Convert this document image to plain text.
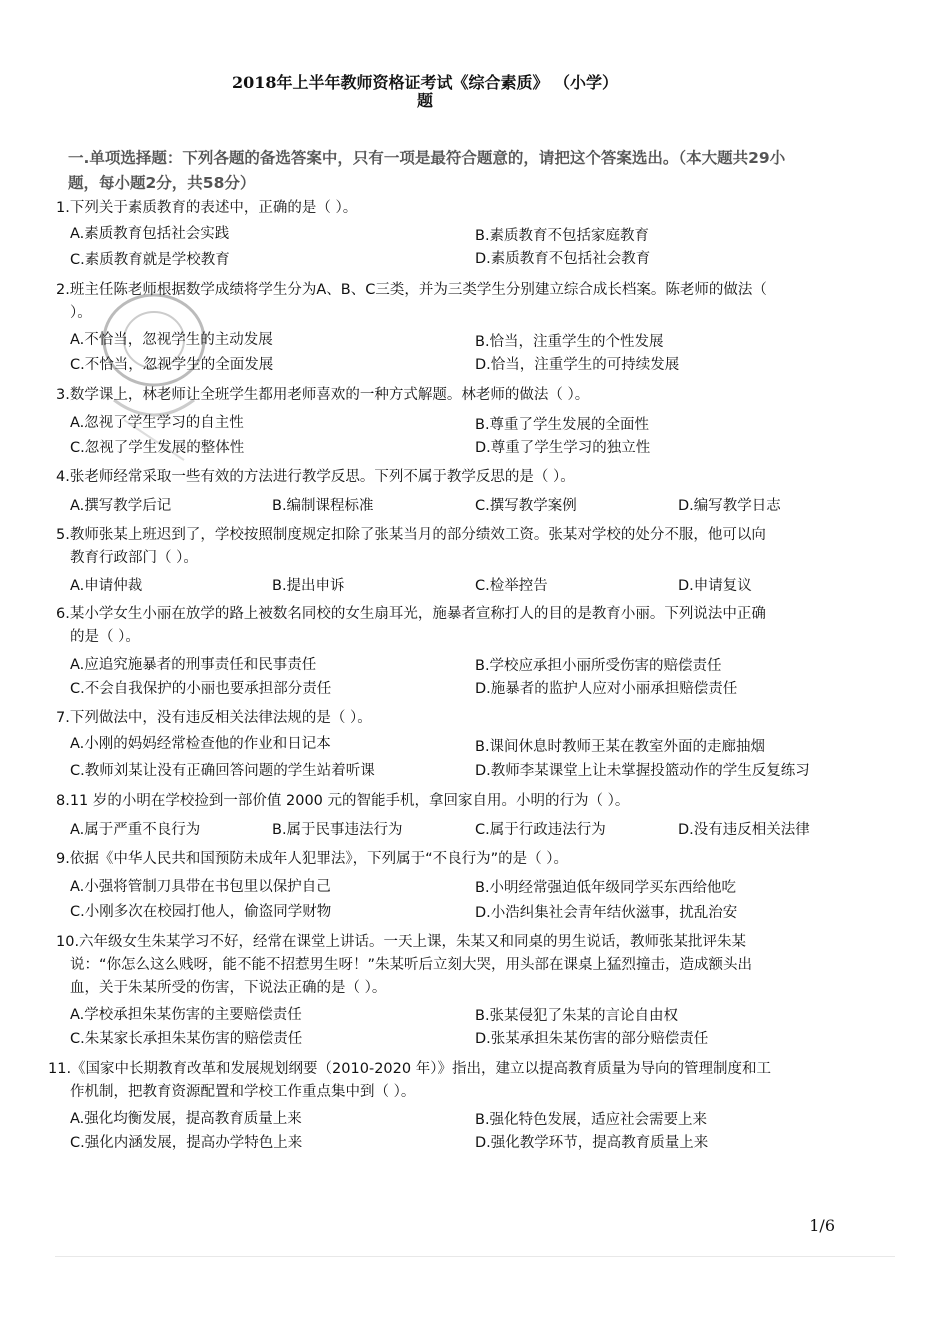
2018年上半年教师资格证考试《综合素质》 （小学）
题
一.单项选择题：下列各题的备选答案中，只有一项是最符合题意的，请把这个答案选出。（本大题共29小
题，每小题2分，共58分）
1.下列关于素质教育的表述中，正确的是（ ）。
A.素质教育包括社会实践	B.素质教育不包括家庭教育
C.素质教育就是学校教育	D.素质教育不包括社会教育
2.班主任陈老师根据数学成绩将学生分为A、B、C三类，并为三类学生分别建立综合成长档案。陈老师的做法（
）。
A.不恰当，忽视学生的主动发展	B.恰当，注重学生的个性发展
C.不恰当，忽视学生的全面发展	D.恰当，注重学生的可持续发展
3.数学课上，林老师让全班学生都用老师喜欢的一种方式解题。林老师的做法（ ）。
A.忽视了学生学习的自主性	B.尊重了学生发展的全面性
C.忽视了学生发展的整体性	D.尊重了学生学习的独立性
4.张老师经常采取一些有效的方法进行教学反思。下列不属于教学反思的是（ ）。
A.撰写教学后记	B.编制课程标准	C.撰写教学案例	D.编写教学日志
5.教师张某上班迟到了，学校按照制度规定扣除了张某当月的部分绩效工资。张某对学校的处分不服，他可以向
教育行政部门（ ）。
A.申请仲裁	B.提出申诉	C.检举控告	D.申请复议
6.某小学女生小丽在放学的路上被数名同校的女生扇耳光，施暴者宣称打人的目的是教育小丽。下列说法中正确
的是（ ）。
A.应追究施暴者的刑事责任和民事责任	B.学校应承担小丽所受伤害的赔偿责任
C.不会自我保护的小丽也要承担部分责任	D.施暴者的监护人应对小丽承担赔偿责任
7.下列做法中，没有违反相关法律法规的是（ ）。
A.小刚的妈妈经常检查他的作业和日记本	B.课间休息时教师王某在教室外面的走廊抽烟
C.教师刘某让没有正确回答问题的学生站着听课	D.教师李某课堂上让未掌握投篮动作的学生反复练习
8.11 岁的小明在学校捡到一部价值 2000 元的智能手机，拿回家自用。小明的行为（ ）。
A.属于严重不良行为	B.属于民事违法行为	C.属于行政违法行为	D.没有违反相关法律
9.依据《中华人民共和国预防未成年人犯罪法》，下列属于“不良行为”的是（ ）。
A.小强将管制刀具带在书包里以保护自己	B.小明经常强迫低年级同学买东西给他吃
C.小刚多次在校园打他人，偷盗同学财物	D.小浩纠集社会青年结伙滋事，扰乱治安
10.六年级女生朱某学习不好，经常在课堂上讲话。一天上课，朱某又和同桌的男生说话，教师张某批评朱某
说：“你怎么这么贱呀，能不能不招惹男生呀！”朱某听后立刻大哭，用头部在课桌上猛烈撞击，造成额头出
血，关于朱某所受的伤害，下说法正确的是（ ）。
A.学校承担朱某伤害的主要赔偿责任	B.张某侵犯了朱某的言论自由权
C.朱某家长承担朱某伤害的赔偿责任	D.张某承担朱某伤害的部分赔偿责任
11.《国家中长期教育改革和发展规划纲要（2010-2020 年）》指出，建立以提高教育质量为导向的管理制度和工
作机制，把教育资源配置和学校工作重点集中到（ ）。
A.强化均衡发展，提高教育质量上来	B.强化特色发展，适应社会需要上来
C.强化内涵发展，提高办学特色上来	D.强化教学环节，提高教育质量上来
1/6
